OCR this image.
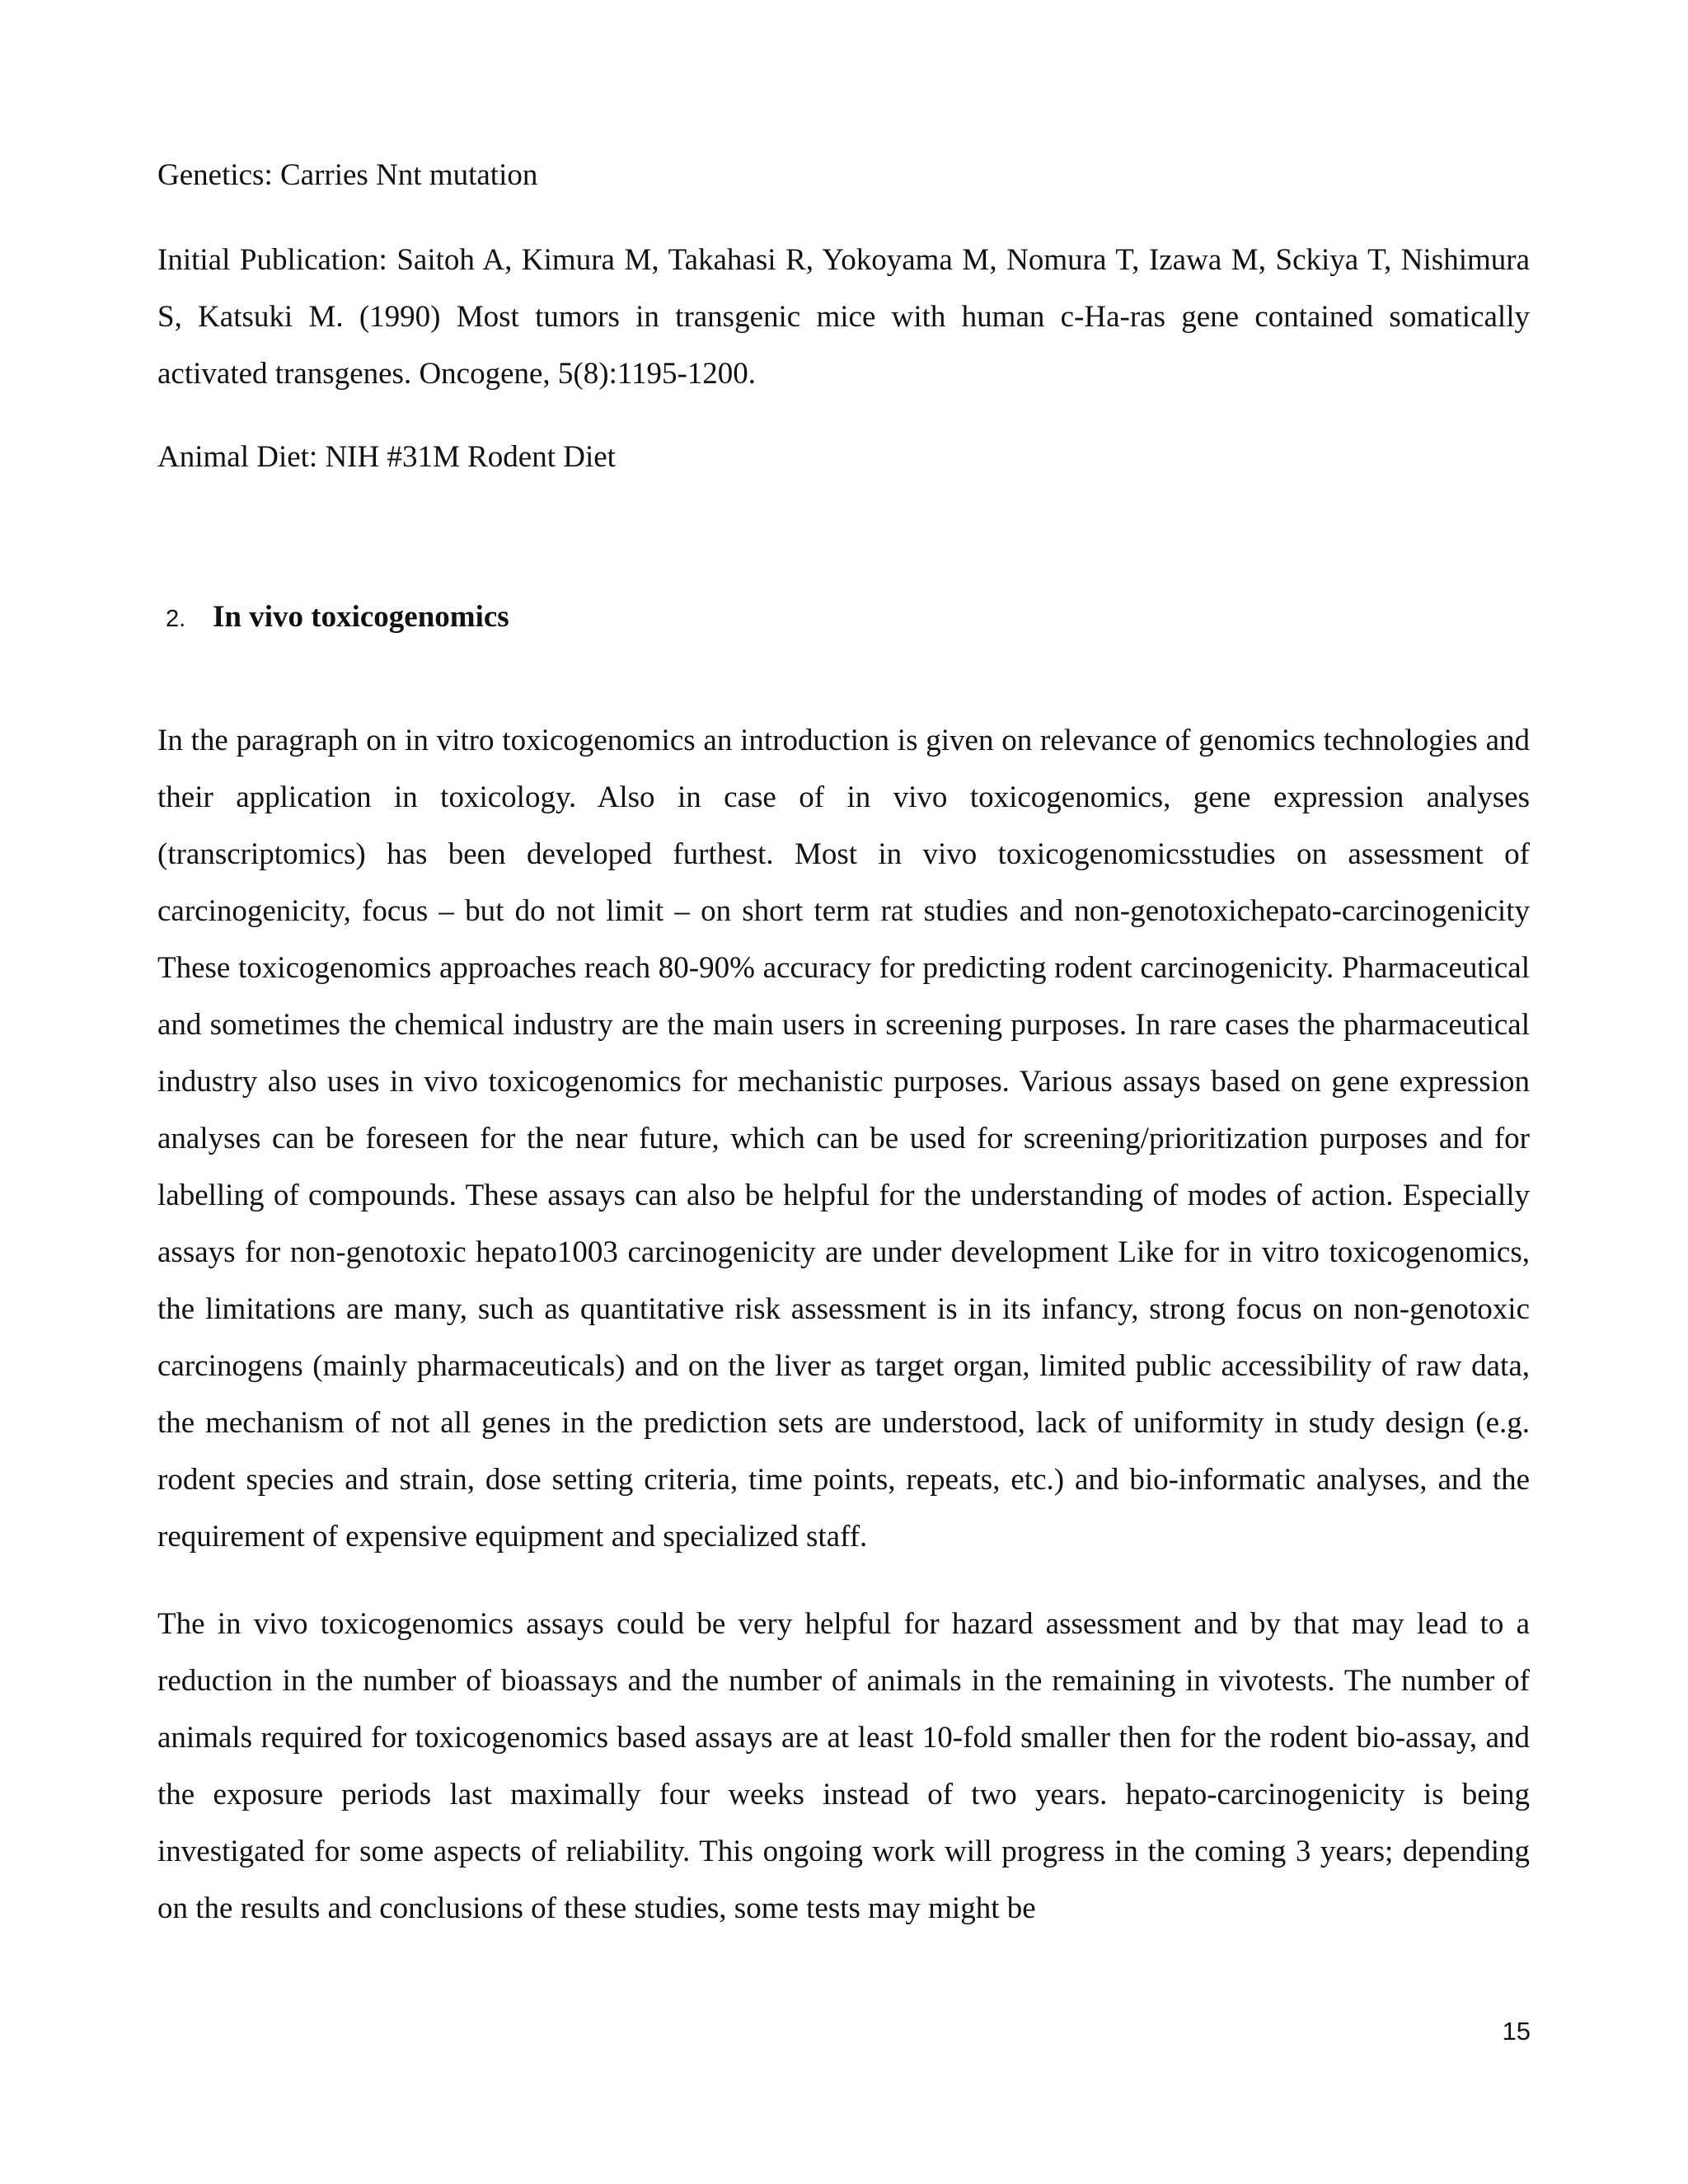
Genetics: Carries Nnt mutation

Initial Publication: Saitoh A, Kimura M, Takahasi R, Yokoyama M, Nomura T, Izawa M, Sckiya T, Nishimura S, Katsuki M. (1990) Most tumors in transgenic mice with human c-Ha-ras gene contained somatically activated transgenes. Oncogene, 5(8):1195-1200.

Animal Diet: NIH #31M Rodent Diet

2. In vivo toxicogenomics

In the paragraph on in vitro toxicogenomics an introduction is given on relevance of genomics technologies and their application in toxicology. Also in case of in vivo toxicogenomics, gene expression analyses (transcriptomics) has been developed furthest. Most in vivo toxicogenomicsstudies on assessment of carcinogenicity, focus – but do not limit – on short term rat studies and non-genotoxichepato-carcinogenicity These toxicogenomics approaches reach 80-90% accuracy for predicting rodent carcinogenicity. Pharmaceutical and sometimes the chemical industry are the main users in screening purposes. In rare cases the pharmaceutical industry also uses in vivo toxicogenomics for mechanistic purposes. Various assays based on gene expression analyses can be foreseen for the near future, which can be used for screening/prioritization purposes and for labelling of compounds. These assays can also be helpful for the understanding of modes of action. Especially assays for non-genotoxic hepato1003 carcinogenicity are under development Like for in vitro toxicogenomics, the limitations are many, such as quantitative risk assessment is in its infancy, strong focus on non-genotoxic carcinogens (mainly pharmaceuticals) and on the liver as target organ, limited public accessibility of raw data, the mechanism of not all genes in the prediction sets are understood, lack of uniformity in study design (e.g. rodent species and strain, dose setting criteria, time points, repeats, etc.) and bio-informatic analyses, and the requirement of expensive equipment and specialized staff.

The in vivo toxicogenomics assays could be very helpful for hazard assessment and by that may lead to a reduction in the number of bioassays and the number of animals in the remaining in vivotests. The number of animals required for toxicogenomics based assays are at least 10-fold smaller then for the rodent bio-assay, and the exposure periods last maximally four weeks instead of two years. hepato-carcinogenicity is being investigated for some aspects of reliability. This ongoing work will progress in the coming 3 years; depending on the results and conclusions of these studies, some tests may might be

15
